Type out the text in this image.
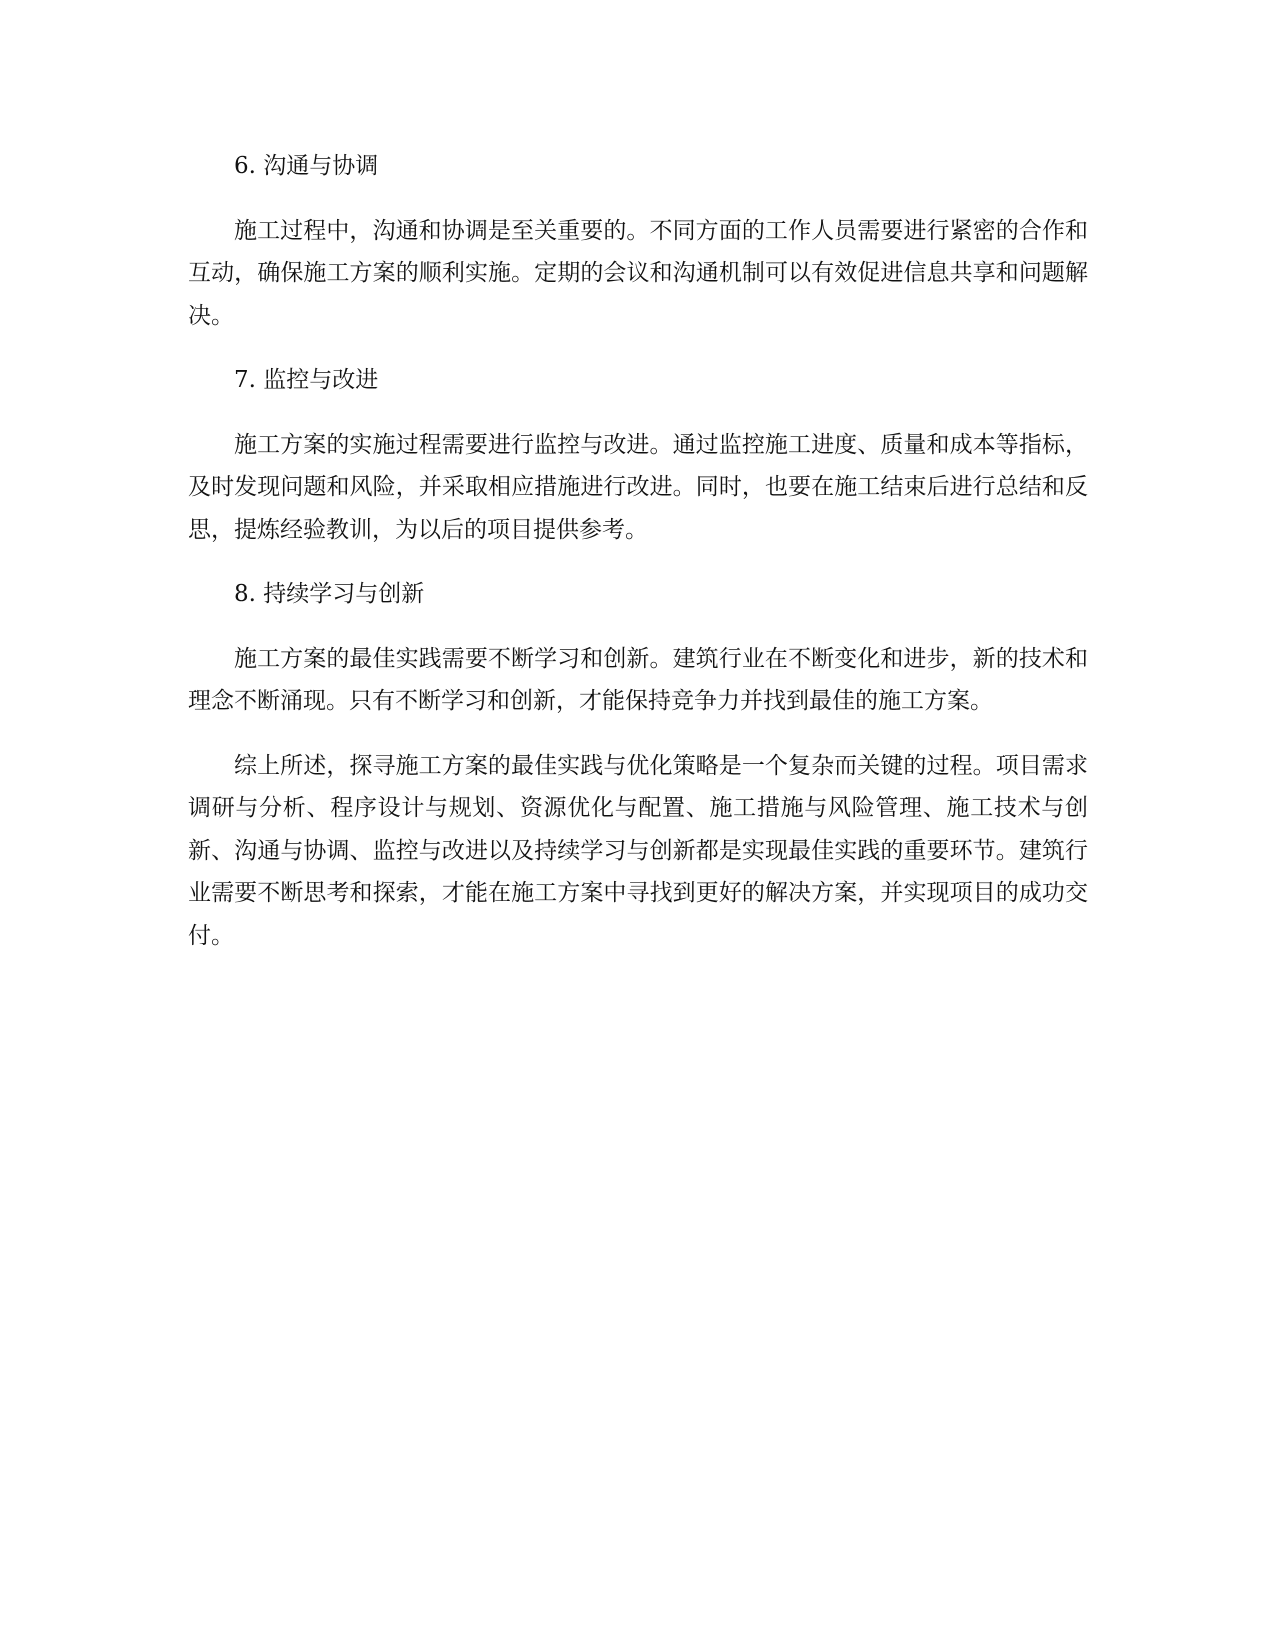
6. 沟通与协调

施工过程中，沟通和协调是至关重要的。不同方面的工作人员需要进行紧密的合作和互动，确保施工方案的顺利实施。定期的会议和沟通机制可以有效促进信息共享和问题解决。

7. 监控与改进

施工方案的实施过程需要进行监控与改进。通过监控施工进度、质量和成本等指标，及时发现问题和风险，并采取相应措施进行改进。同时，也要在施工结束后进行总结和反思，提炼经验教训，为以后的项目提供参考。

8. 持续学习与创新

施工方案的最佳实践需要不断学习和创新。建筑行业在不断变化和进步，新的技术和理念不断涌现。只有不断学习和创新，才能保持竞争力并找到最佳的施工方案。

综上所述，探寻施工方案的最佳实践与优化策略是一个复杂而关键的过程。项目需求调研与分析、程序设计与规划、资源优化与配置、施工措施与风险管理、施工技术与创新、沟通与协调、监控与改进以及持续学习与创新都是实现最佳实践的重要环节。建筑行业需要不断思考和探索，才能在施工方案中寻找到更好的解决方案，并实现项目的成功交付。
